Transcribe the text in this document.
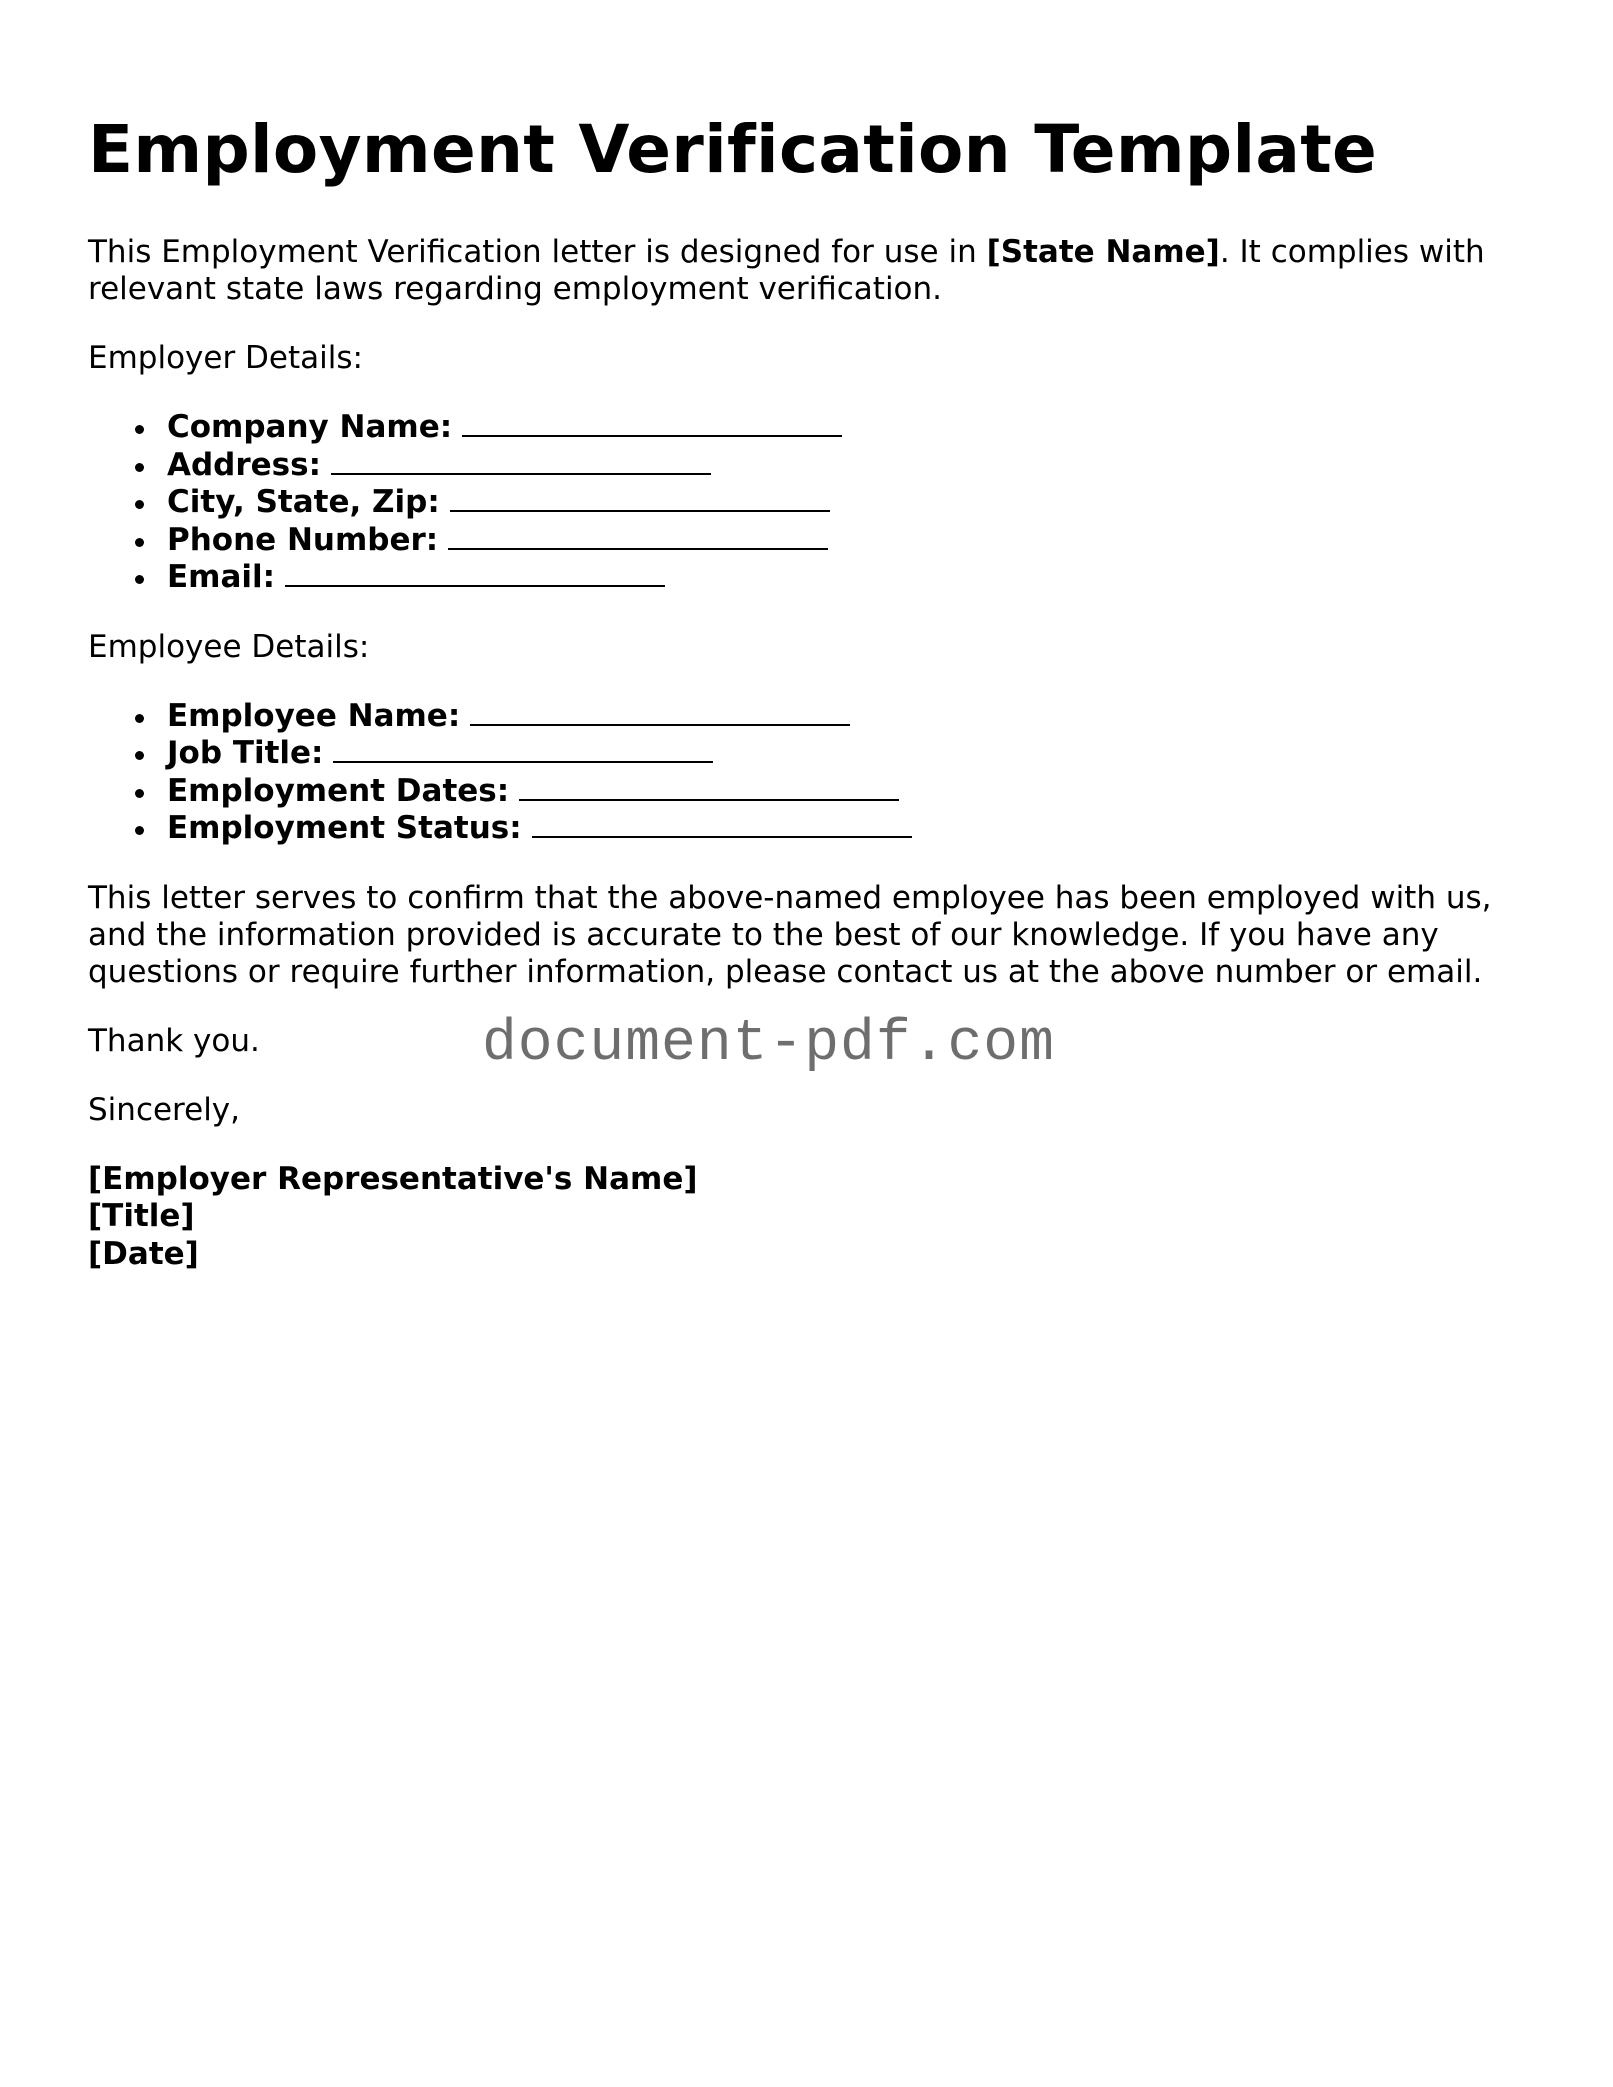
Employment Verification Template

This Employment Verification letter is designed for use in [State Name]. It complies with relevant state laws regarding employment verification.

Employer Details:

Company Name:
Address:
City, State, Zip:
Phone Number:
Email:

Employee Details:

Employee Name:
Job Title:
Employment Dates:
Employment Status:

This letter serves to confirm that the above-named employee has been employed with us, and the information provided is accurate to the best of our knowledge. If you have any questions or require further information, please contact us at the above number or email.

Thank you.

Sincerely,

[Employer Representative's Name]
[Title]
[Date]
document-pdf.com
